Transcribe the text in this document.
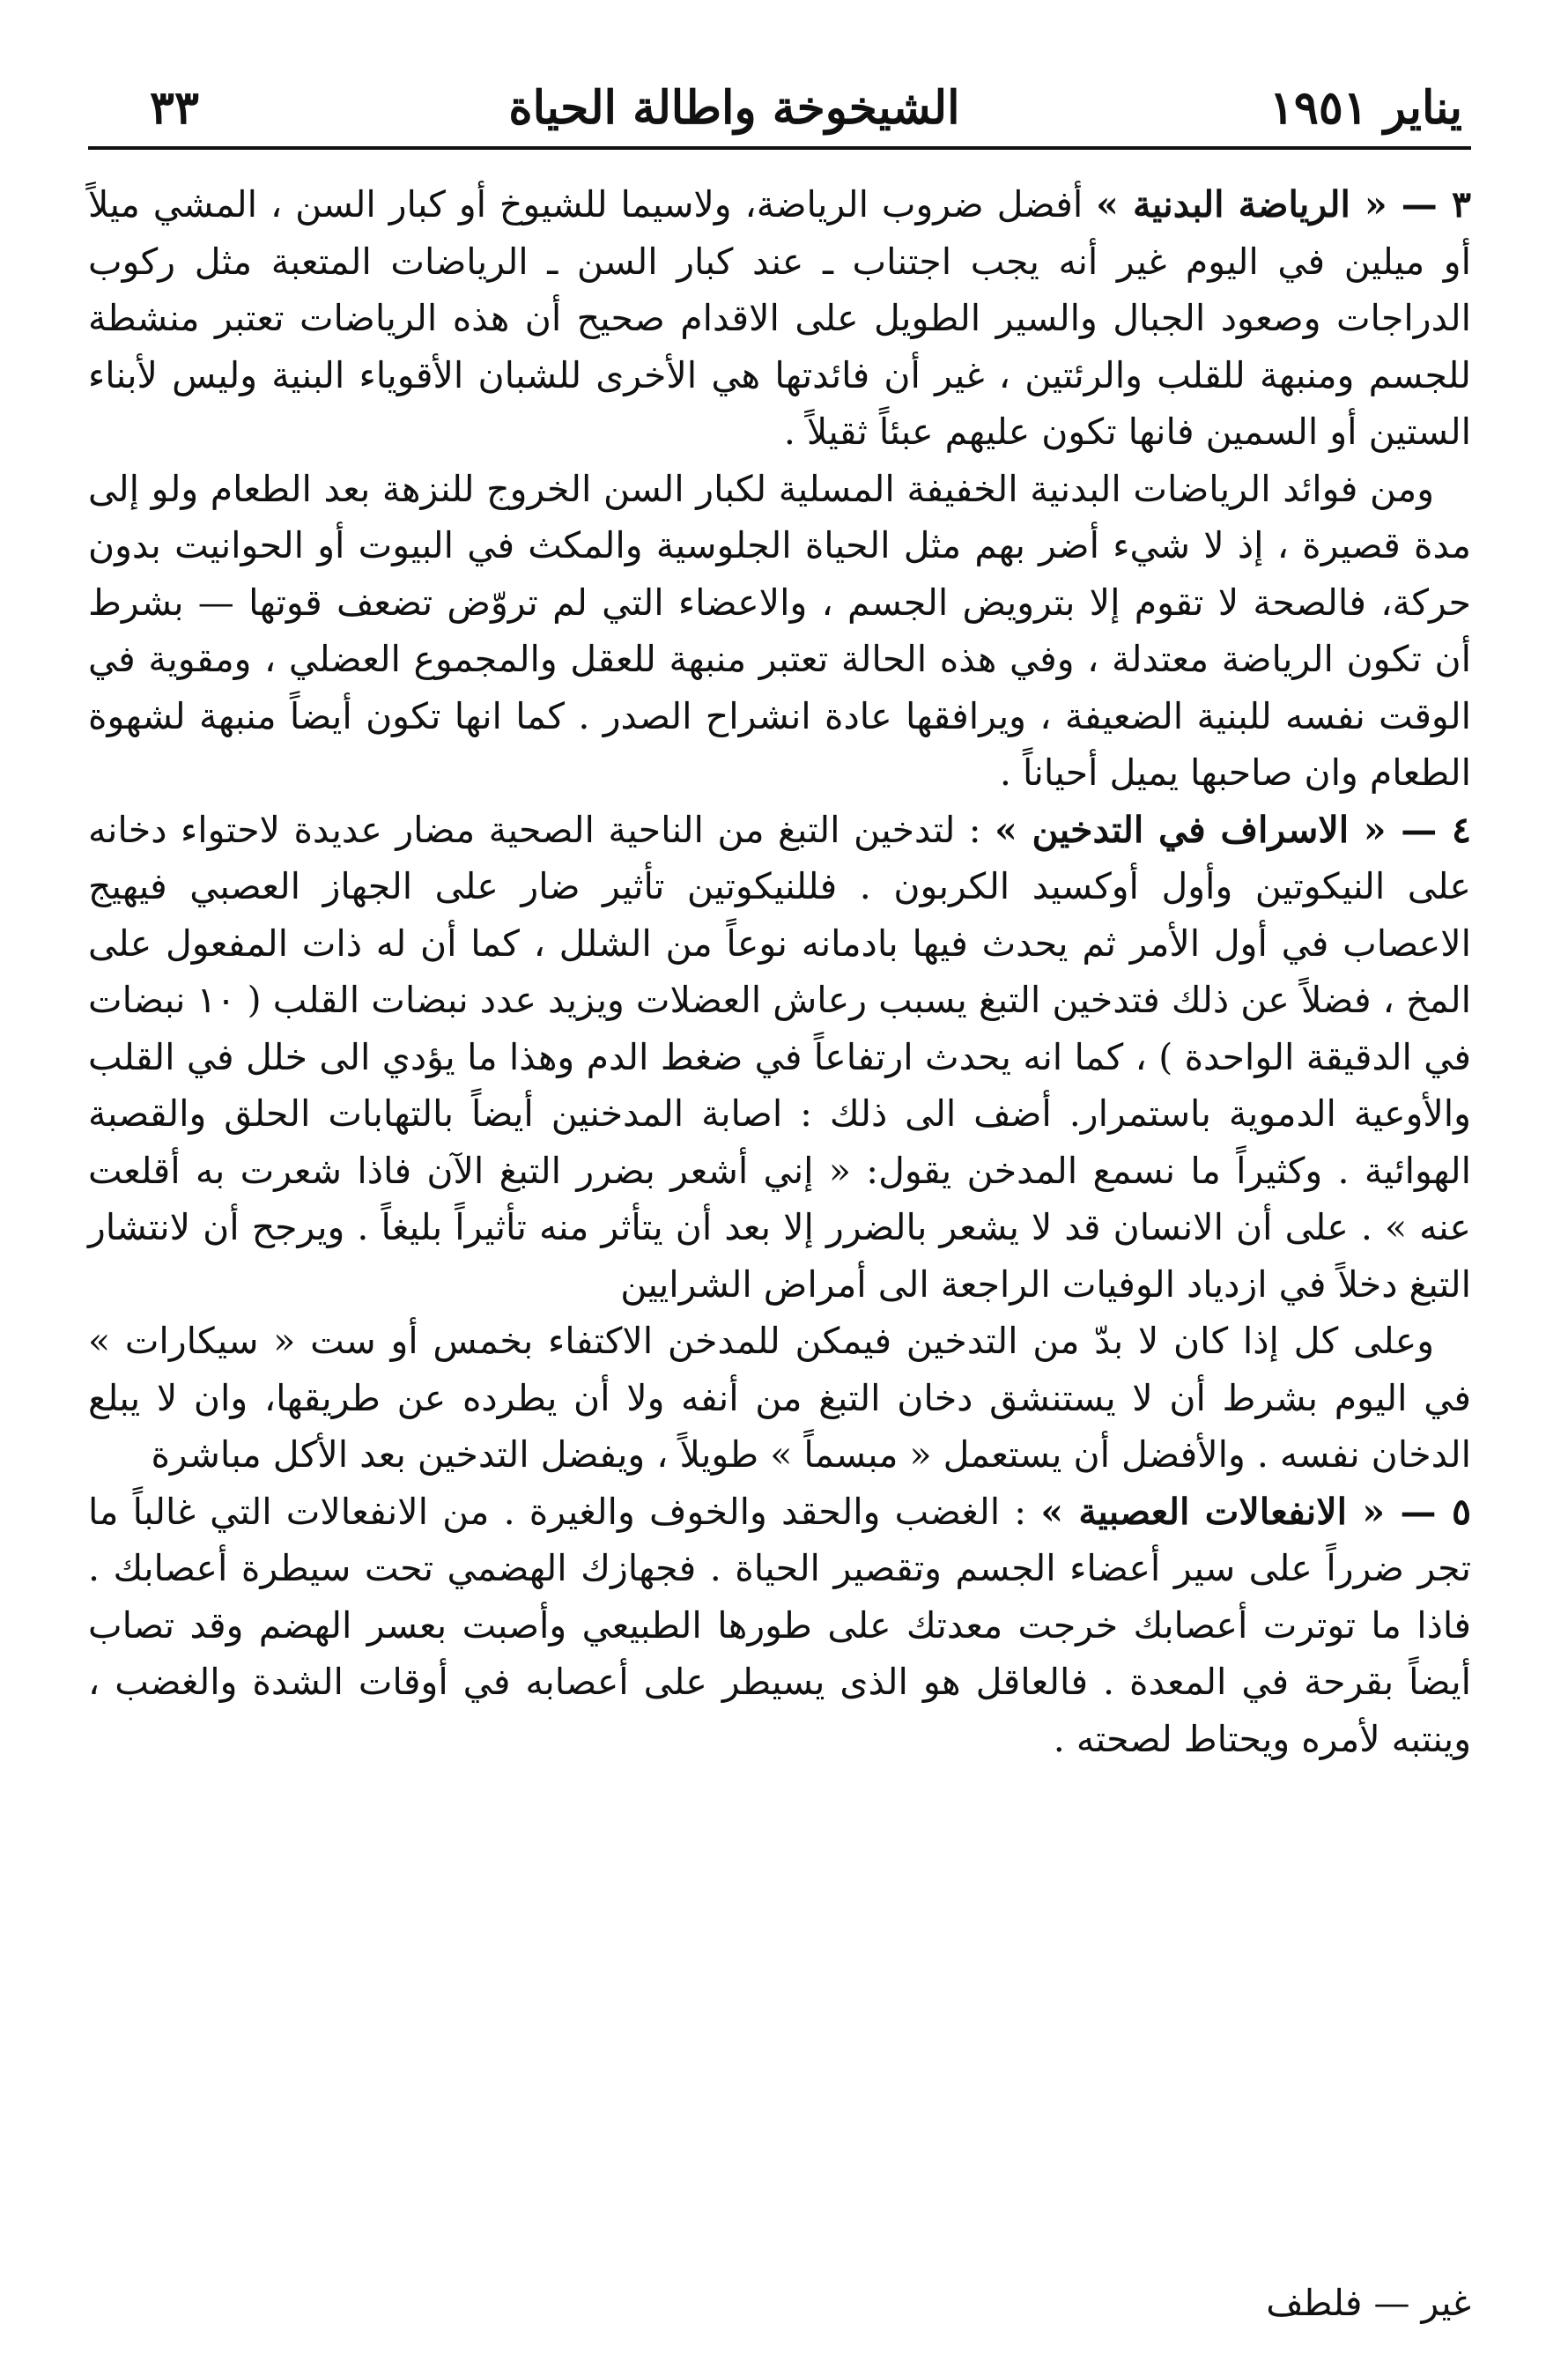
يناير ١٩٥١
الشيخوخة واطالة الحياة
٣٣

٣ — « الرياضة البدنية » أفضل ضروب الرياضة، ولاسيما للشيوخ أو كبار السن ، المشي ميلاً أو ميلين في اليوم غير أنه يجب اجتناب ـ عند كبار السن ـ الرياضات المتعبة مثل ركوب الدراجات وصعود الجبال والسير الطويل على الاقدام صحيح أن هذه الرياضات تعتبر منشطة للجسم ومنبهة للقلب والرئتين ، غير أن فائدتها هي الأخرى للشبان الأقوياء البنية وليس لأبناء الستين أو السمين فانها تكون عليهم عبئاً ثقيلاً .

ومن فوائد الرياضات البدنية الخفيفة المسلية لكبار السن الخروج للنزهة بعد الطعام ولو إلى مدة قصيرة ، إذ لا شيء أضر بهم مثل الحياة الجلوسية والمكث في البيوت أو الحوانيت بدون حركة، فالصحة لا تقوم إلا بترويض الجسم ، والاعضاء التي لم تروّض تضعف قوتها — بشرط أن تكون الرياضة معتدلة ، وفي هذه الحالة تعتبر منبهة للعقل والمجموع العضلي ، ومقوية في الوقت نفسه للبنية الضعيفة ، ويرافقها عادة انشراح الصدر . كما انها تكون أيضاً منبهة لشهوة الطعام وان صاحبها يميل أحياناً .

٤ — « الاسراف في التدخين » : لتدخين التبغ من الناحية الصحية مضار عديدة لاحتواء دخانه على النيكوتين وأول أوكسيد الكربون . فللنيكوتين تأثير ضار على الجهاز العصبي فيهيج الاعصاب في أول الأمر ثم يحدث فيها بادمانه نوعاً من الشلل ، كما أن له ذات المفعول على المخ ، فضلاً عن ذلك فتدخين التبغ يسبب رعاش العضلات ويزيد عدد نبضات القلب ( ١٠ نبضات في الدقيقة الواحدة ) ، كما انه يحدث ارتفاعاً في ضغط الدم وهذا ما يؤدي الى خلل في القلب والأوعية الدموية باستمرار. أضف الى ذلك : اصابة المدخنين أيضاً بالتهابات الحلق والقصبة الهوائية . وكثيراً ما نسمع المدخن يقول: « إني أشعر بضرر التبغ الآن فاذا شعرت به أقلعت عنه » . على أن الانسان قد لا يشعر بالضرر إلا بعد أن يتأثر منه تأثيراً بليغاً . ويرجح أن لانتشار التبغ دخلاً في ازدياد الوفيات الراجعة الى أمراض الشرايين

وعلى كل إذا كان لا بدّ من التدخين فيمكن للمدخن الاكتفاء بخمس أو ست « سيكارات » في اليوم بشرط أن لا يستنشق دخان التبغ من أنفه ولا أن يطرده عن طريقها، وان لا يبلع الدخان نفسه . والأفضل أن يستعمل « مبسماً » طويلاً ، ويفضل التدخين بعد الأكل مباشرة

٥ — « الانفعالات العصبية » : الغضب والحقد والخوف والغيرة . من الانفعالات التي غالباً ما تجر ضرراً على سير أعضاء الجسم وتقصير الحياة . فجهازك الهضمي تحت سيطرة أعصابك . فاذا ما توترت أعصابك خرجت معدتك على طورها الطبيعي وأصبت بعسر الهضم وقد تصاب أيضاً بقرحة في المعدة . فالعاقل هو الذى يسيطر على أعصابه في أوقات الشدة والغضب ، وينتبه لأمره ويحتاط لصحته .

غير — فلطف
